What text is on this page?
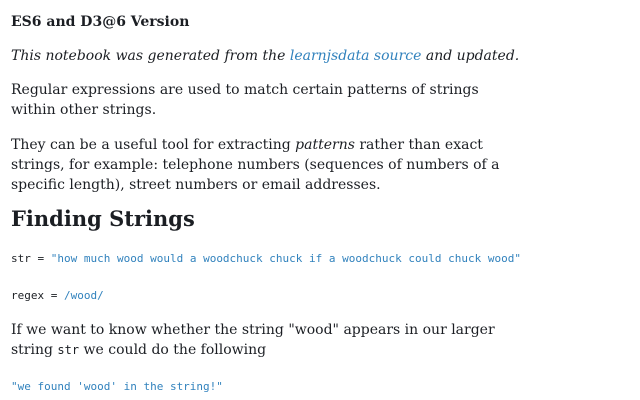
ES6 and D3@6 Version
This notebook was generated from the learnjsdata source and updated.
Regular expressions are used to match certain patterns of strings within other strings.
They can be a useful tool for extracting patterns rather than exact strings, for example: telephone numbers (sequences of numbers of a specific length), street numbers or email addresses.
Finding Strings
str = "how much wood would a woodchuck chuck if a woodchuck could chuck wood"
regex = /wood/
If we want to know whether the string "wood" appears in our larger string str we could do the following
"we found 'wood' in the string!"
